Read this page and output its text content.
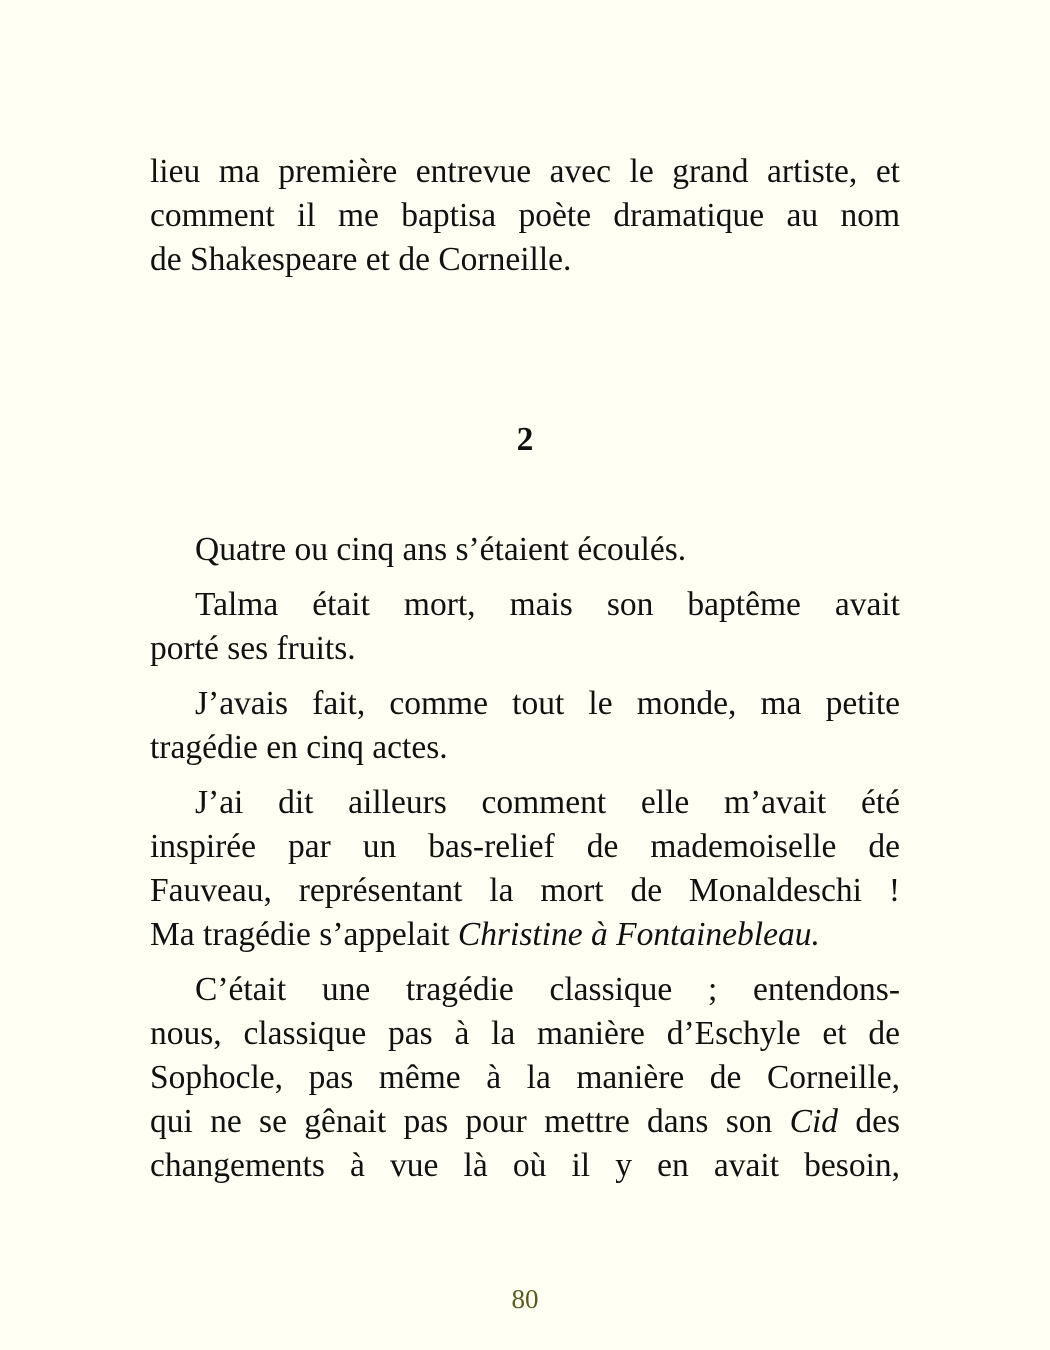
lieu ma première entrevue avec le grand artiste, et
comment il me baptisa poète dramatique au nom
de Shakespeare et de Corneille.

2

Quatre ou cinq ans s’étaient écoulés.

Talma était mort, mais son baptême avait
porté ses fruits.

J’avais fait, comme tout le monde, ma petite
tragédie en cinq actes.

J’ai dit ailleurs comment elle m’avait été
inspirée par un bas-relief de mademoiselle de
Fauveau, représentant la mort de Monaldeschi !
Ma tragédie s’appelait Christine à Fontainebleau.

C’était une tragédie classique ; entendons-
nous, classique pas à la manière d’Eschyle et de
Sophocle, pas même à la manière de Corneille,
qui ne se gênait pas pour mettre dans son Cid des
changements à vue là où il y en avait besoin,

80
